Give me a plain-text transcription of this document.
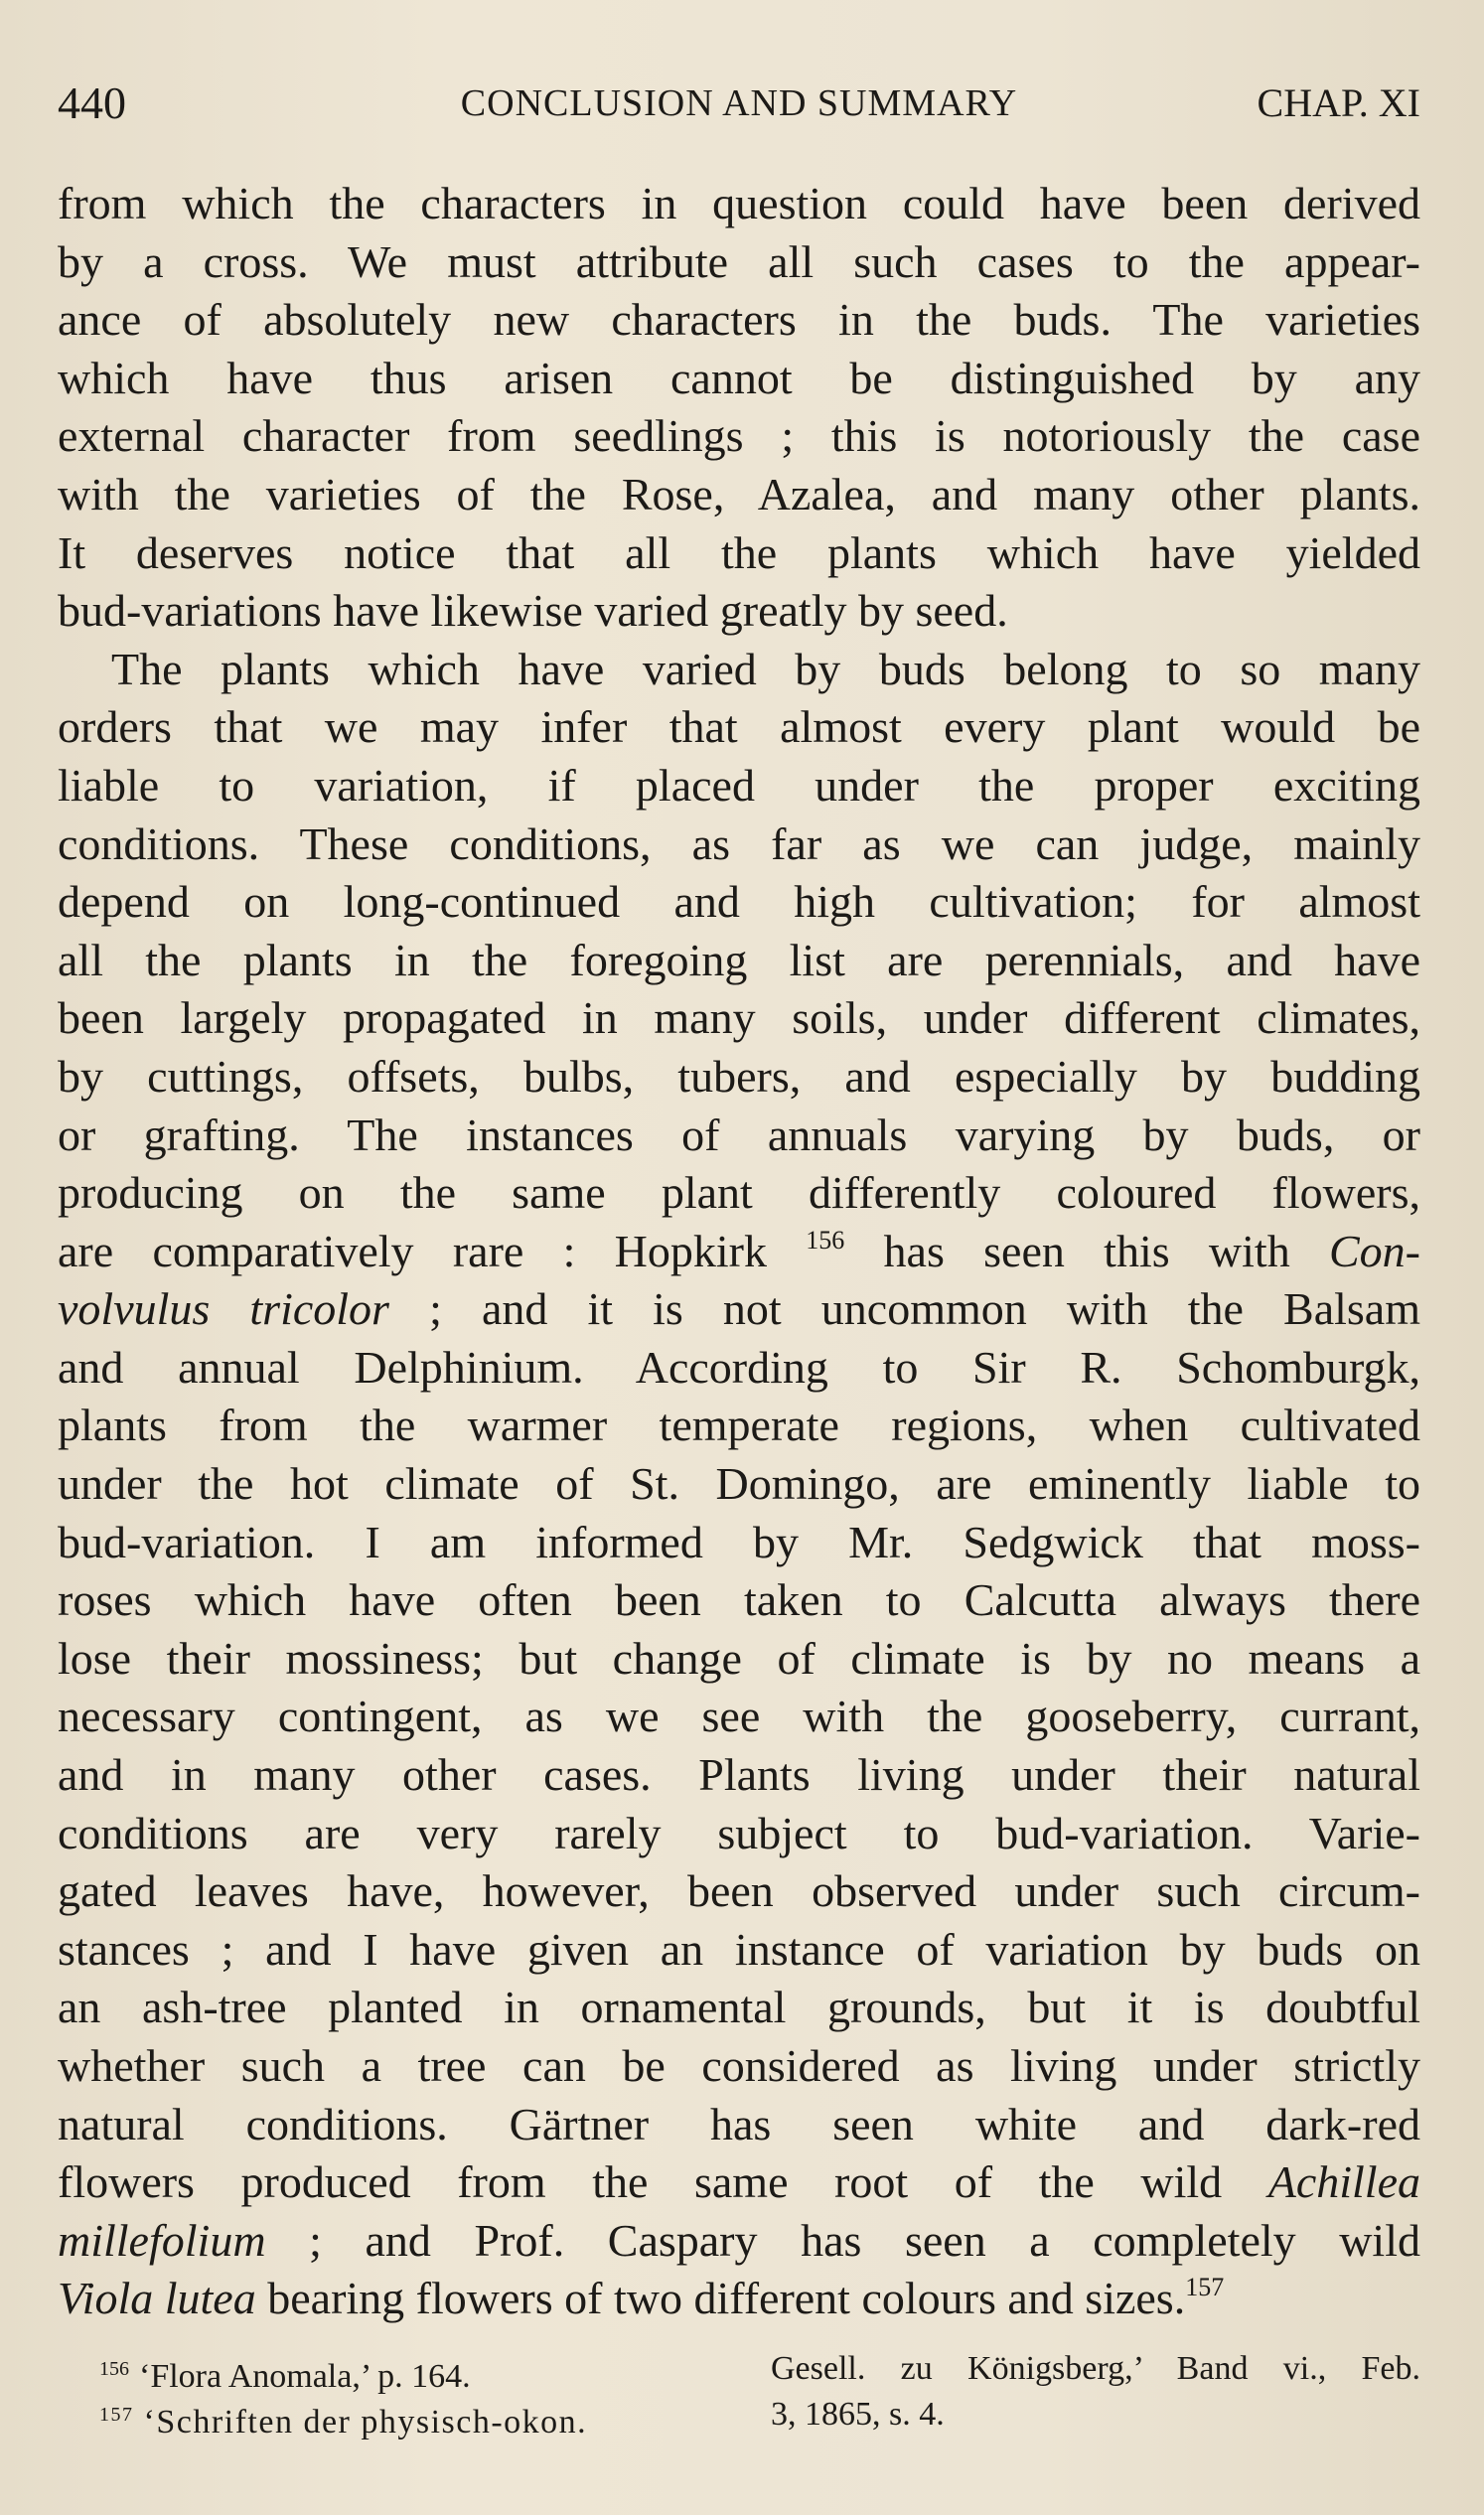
440	CONCLUSION AND SUMMARY	CHAP. XI
from which the characters in question could have been derived
by a cross. We must attribute all such cases to the appear-
ance of absolutely new characters in the buds. The varieties
which have thus arisen cannot be distinguished by any
external character from seedlings ; this is notoriously the case
with the varieties of the Rose, Azalea, and many other plants.
It deserves notice that all the plants which have yielded
bud-variations have likewise varied greatly by seed.
The plants which have varied by buds belong to so many
orders that we may infer that almost every plant would be
liable to variation, if placed under the proper exciting
conditions. These conditions, as far as we can judge, mainly
depend on long-continued and high cultivation; for almost
all the plants in the foregoing list are perennials, and have
been largely propagated in many soils, under different climates,
by cuttings, offsets, bulbs, tubers, and especially by budding
or grafting. The instances of annuals varying by buds, or
producing on the same plant differently coloured flowers,
are comparatively rare : Hopkirk $^{156}$ has seen this with Con-
volvulus tricolor ; and it is not uncommon with the Balsam
and annual Delphinium. According to Sir R. Schomburgk,
plants from the warmer temperate regions, when cultivated
under the hot climate of St. Domingo, are eminently liable to
bud-variation. I am informed by Mr. Sedgwick that moss-
roses which have often been taken to Calcutta always there
lose their mossiness; but change of climate is by no means a
necessary contingent, as we see with the gooseberry, currant,
and in many other cases. Plants living under their natural
conditions are very rarely subject to bud-variation. Varie-
gated leaves have, however, been observed under such circum-
stances ; and I have given an instance of variation by buds on
an ash-tree planted in ornamental grounds, but it is doubtful
whether such a tree can be considered as living under strictly
natural conditions. Gärtner has seen white and dark-red
flowers produced from the same root of the wild Achillea
millefolium ; and Prof. Caspary has seen a completely wild
Viola lutea bearing flowers of two different colours and sizes.$^{157}$
$^{156}$ ‘Flora Anomala,’ p. 164.
$^{157}$ ‘Schriften der physisch-okon.
Gesell. zu Königsberg,’ Band vi., Feb.
3, 1865, s. 4.
